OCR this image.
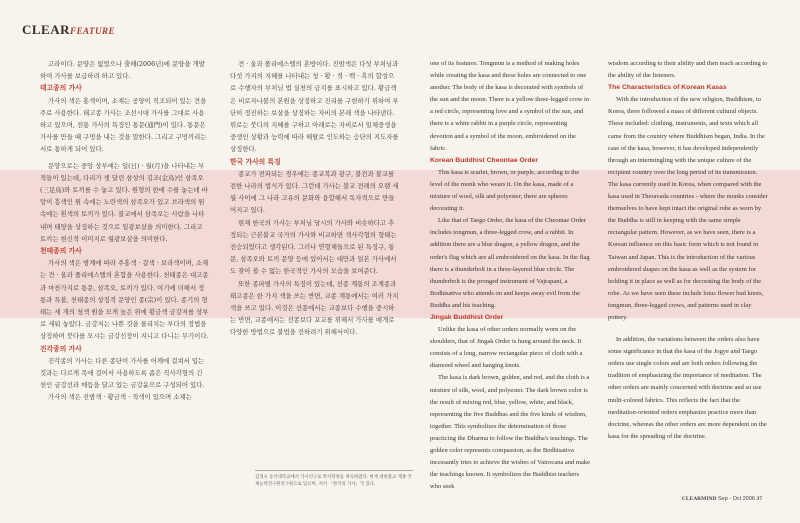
CLEARFEATURE

고라이다. 문양은 없었으나 출해(2006년)에 문양을 개발하여 가사를 보급하려 하고 있다.

태고종의 가사

가사의 색은 홍색이며, 소재는 공양이 직조되어 있는 견을 주로 사용한다. 태고종 가사는 조선시대 가사를 그대로 사용하고 있으며, 전통 가사의 특징인 통문(通門)이 있다. 통문은 가사를 만들 때 구멍을 내는 것을 말한다. 그리고 구멍끼리는 서로 통하게 되어 있다.

문양으로는 중앙 상부에는 일(日) · 월(月)을 나타내는 부적들이 있는데, 다리가 셋 달린 삼상의 김조(金烏)인 삼족오(三足烏)와 토끼를 수 놓고 있다. 원형의 한에 수를 놓는데 바탕이 흥색인 원 속에는 노란색의 삼족오가 있고 브라색의 원 속에는 흰색의 토끼가 있다. 불교에서 삼족오는 사람을 나타내며 태양을 상징하는 것으로 일광보살을 의미한다. 그리고 토끼는 현신적 이미지로 월광보살을 의미한다.

천태종의 가사

가사의 색은 범계에 따라 주홍색 · 갈색 · 보라색이며, 소재는 견 · 울과 폴리에스텔의 혼합을 사용한다. 천태종은 대고종과 마찬가지로 통문, 삼족오, 토끼가 있다. 여기에 더해서 정통과 특불, 천태종의 상징적 문양인 종(宗)이 있다. 종기의 형태는 세 개의 청색 원을 모게 높은 위에 황금색 금강저를 상부로 세워 놓았다. 금강저는 나쁜 것을 물리치는 부다의 정법을 상징하며 붓다를 모시는 금강신장이 지니고 다니는 무기이다.

진각종의 가사

진각종의 가사는 다른 종단이 가사를 어깨에 걸쳐서 입는 것과는 다르게 목에 걸어서 사용하도록 좁은 직사각형의 긴 천인 금강선과 매듭을 달고 있는 금강윤으로 구성되어 있다.

가사의 색은 진밤색 · 황금색 · 적색이 있으며 소재는

견 · 울과 폴리에스텔의 혼방이다. 진밤색은 다섯 부처님과 다섯 가지의 지혜를 나타내는 청 · 황 · 적 · 백 · 흑의 합성으로 수행자의 부처님 법 실천의 금지를 표시하고 있다. 황금색은 비로자나불의 본원을 상징하고 진리를 구현하기 위하여 부단히 정진하는 보살을 상징하는 자비의 본래 색을 나타낸다. 위로는 붓다의 지혜를 구하고 아래로는 자비로서 일체중생을 중생인 상황과 능력에 따라 해탈로 인도하는 승단의 지도자를 상징한다.

한국 가사의 특징

종교가 전파되는 경우에는 종교복과 광구, 불전과 불교를 전한 나라의 법식가 있다. 그런데 가사는 불교 전래의 오랜 세월 사이에 그 나라 고유의 문화와 융합해서 독자적으로 만들어지고 있다.

현재 한국의 가사는 부처님 당시의 가사와 비슷하다고 추정되는 근본불교 국가의 가사와 비교하면 색사각형의 형태는 전승되었다고 생각된다. 그러나 연형체들으로 된 특징구, 통문, 삼족오와 토끼 문양 등에 있어서는 대만과 일본 가사에서도 찾아 볼 수 없는 한국적인 가사의 모습을 보여준다.

또한 종파별 가사의 특징이 있는데, 선종 계통의 조계종과 태고종은 한 가지 색을 쓰는 반면, 교종 계통에서는 여러 가지 색을 쓰고 있다. 이것은 선종에서는 교종보다 수행을 중시하는 반면, 교종에서는 선종보다 포교를 위해서 가사를 매개로 다양한 방법으로 불법을 전하려기 위해서이다.

김경숙 동국대학교에서 가사연구로 박사학위를 취득하였다. 현재 대한불교 계종 국제능력연구원연구원으로 있으며, 저서 「한국의 가사」가 있다.

one of its features. Tongmun is a method of making holes while creating the kasa and these holes are connected to one another. The body of the kasa is decorated with symbols of the sun and the moon. There is a yellow three-legged crow in a red circle, representing love and a symbol of the sun, and there is a white rabbit in a purple circle, representing devotion and a symbol of the moon, embroidered on the fabric.

Korean Buddhist Cheontae Order

This kasa is scarlet, brown, or purple, according to the level of the monk who wears it. On the kasa, made of a mixture of wool, silk and polyester, there are spheres decorating it.

Like that of Taego Order, the kasa of the Cheontae Order includes tongmun, a three-legged crow, and a rabbit. In addition there are a blue dragon, a yellow dragon, and the order's flag which are all embroidered on the kasa. In the flag there is a thunderbolt in a three-layered blue circle. The thunderbolt is the pronged instrument of Vajrapani, a Bodhisattva who attends on and keeps away evil from the Buddha and his teaching.

Jingak Buddhist Order

Unlike the kasa of other orders normally worn on the shoulders, that of Jingak Order is hung around the neck. It consists of a long, narrow rectangular piece of cloth with a diamond wheel and hanging knots.

The kasa is dark brown, golden, and red, and the cloth is a mixture of silk, wool, and polyester. The dark brown color is the result of mixing red, blue, yellow, white, and black, representing the five Buddhas and the five kinds of wisdom, together. This symbolizes the determination of those practicing the Dharma to follow the Buddha's teachings. The golden color represents compassion, as the Bodhisattva incessantly tries to achieve the wishes of Vairocana and make the teachings known. It symbolizes the Buddhist teachers who seek

wisdom according to their ability and then teach according to the ability of the listeners.

The Characteristics of Korean Kasas

With the introduction of the new religion, Buddhism, to Korea, there followed a mass of different cultural objects. These included: clothing, instruments, and texts which all came from the country where Buddhism began, India. In the case of the kasa, however, it has developed independently through an intermingling with the unique culture of the recipient country over the long period of its transmission. The kasa currently used in Korea, when compared with the kasa used in Theravada countries - where the monks consider themselves to have kept intact the original robe as worn by the Buddha is still in keeping with the same simple rectangular pattern. However, as we have seen, there is a Korean influence on this basic form which is not found in Taiwan and Japan. This is the introduction of the various embroidered shapes on the kasa as well as the system for holding it in place as well as for decorating the body of the robe. As we have seen these include lotus flower bud knots, tongmun, three-legged crows, and patterns used in clay pottery.

In addition, the variations between the orders also have some significance in that the kasa of the Jogye and Taego orders use single colors and are both orders following the tradition of emphasizing the importance of meditation. The other orders are mainly concerned with doctrine and so use multi-colored fabrics. This reflects the fact that the meditation-oriented orders emphasize practice more than doctrine, whereas the other orders are more dependent on the kasa for the spreading of the doctrine.

CLEARMIND Sep - Oct 2006 37
